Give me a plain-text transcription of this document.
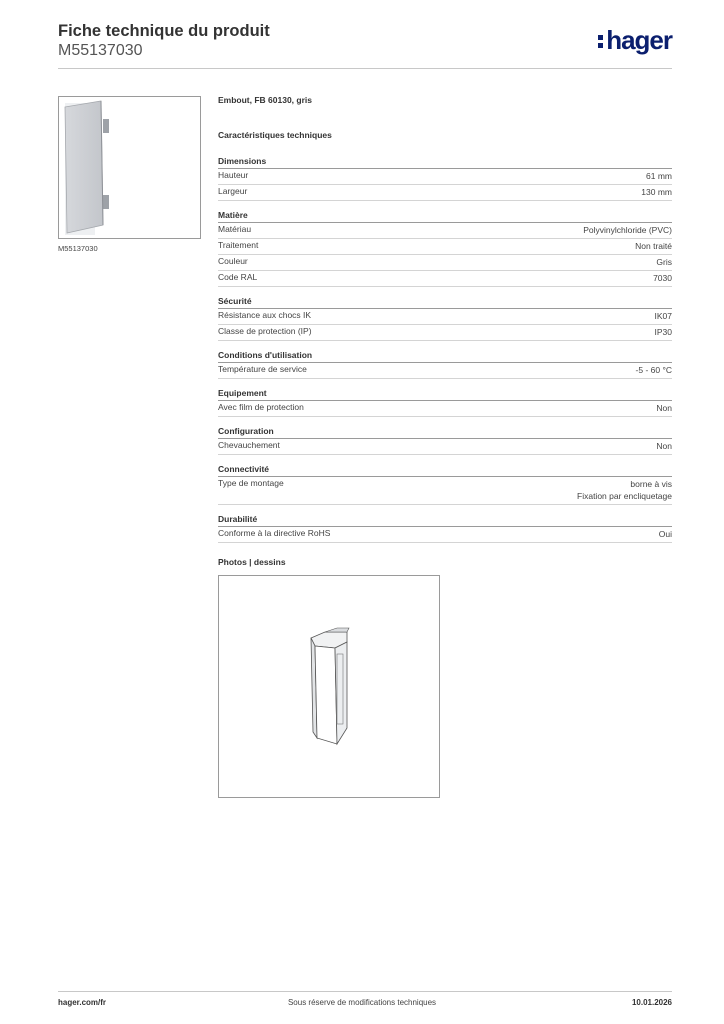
Fiche technique du produit
M55137030	hager
M55137030
Embout, FB 60130, gris
Caractéristiques techniques
Dimensions
Hauteur	61 mm
Largeur	130 mm
Matière
Matériau	Polyvinylchloride (PVC)
Traitement	Non traité
Couleur	Gris
Code RAL	7030
Sécurité
Résistance aux chocs IK	IK07
Classe de protection (IP)	IP30
Conditions d'utilisation
Température de service	-5 - 60 °C
Equipement
Avec film de protection	Non
Configuration
Chevauchement	Non
Connectivité
Type de montage	borne à vis
Fixation par encliquetage
Durabilité
Conforme à la directive RoHS	Oui
Photos | dessins
hager.com/fr	Sous réserve de modifications techniques	10.01.2026
